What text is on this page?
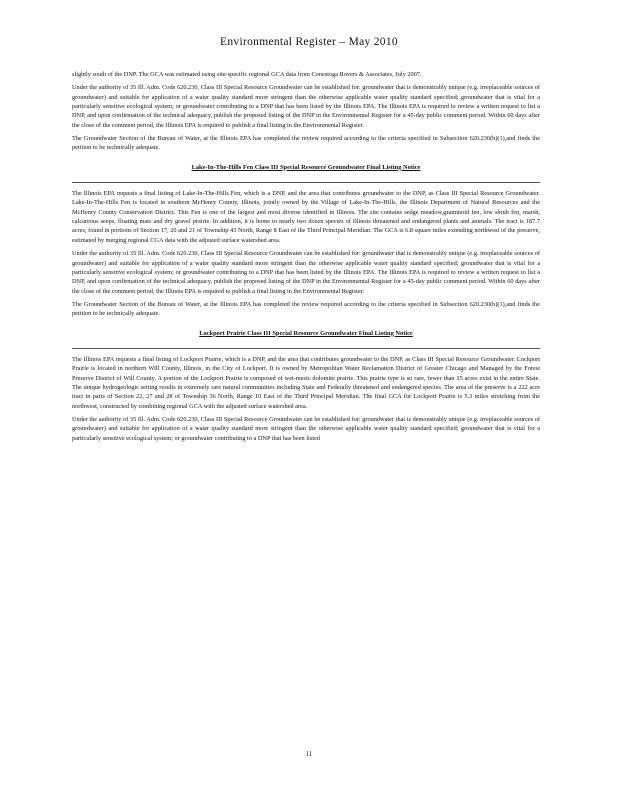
Environmental Register – May 2010

slightly south of the DNP. The GCA was estimated using site-specific regional GCA data from Conestoga Rovers & Associates, July 2007.

Under the authority of 35 Ill. Adm. Code 620.230, Class III Special Resource Groundwater can be established for: groundwater that is demonstrably unique (e.g. irreplaceable sources of groundwater) and suitable for application of a water quality standard more stringent than the otherwise applicable water quality standard specified; groundwater that is vital for a particularly sensitive ecological system; or groundwater contributing to a DNP that has been listed by the Illinois EPA. The Illinois EPA is required to review a written request to list a DNP, and upon confirmation of the technical adequacy, publish the proposed listing of the DNP in the Environmental Register for a 45-day public comment period. Within 60 days after the close of the comment period, the Illinois EPA is required to publish a final listing in the Environmental Register.

The Groundwater Section of the Bureau of Water, at the Illinois EPA has completed the review required according to the criteria specified in Subsection 620.230(b)(1),and finds the petition to be technically adequate.

Lake-In-The-Hills Fen Class III Special Resource Groundwater Final Listing Notice

The Illinois EPA requests a final listing of Lake-In-The-Hills Fen, which is a DNP, and the area that contributes groundwater to the DNP, as Class III Special Resource Groundwater. Lake-In-The-Hills Fen is located in southern McHenry County, Illinois, jointly owned by the Village of Lake-In-The-Hills, the Illinois Department of Natural Resources and the McHenry County Conservation District. This Fen is one of the largest and most diverse identified in Illinois. The site contains sedge meadow,graminoid fen, low shrub fen, marsh, calcareous seeps, floating mats and dry gravel prairie. In addition, it is home to nearly two dozen species of Illinois threatened and endangered plants and animals. The tract is 187.7 acres, found in portions of Section 17, 20 and 21 of Township 43 North, Range 8 East of the Third Principal Meridian. The GCA is 6.8 square miles extending northwest of the preserve, estimated by merging regional CGA data with the adjusted surface watershed area.

Under the authority of 35 Ill. Adm. Code 620.230, Class III Special Resource Groundwater can be established for: groundwater that is demonstrably unique (e.g. irreplaceable sources of groundwater) and suitable for application of a water quality standard more stringent than the otherwise applicable water quality standard specified; groundwater that is vital for a particularly sensitive ecological system; or groundwater contributing to a DNP that has been listed by the Illinois EPA. The Illinois EPA is required to review a written request to list a DNP, and upon confirmation of the technical adequacy, publish the proposed listing of the DNP in the Environmental Register for a 45-day public comment period. Within 60 days after the close of the comment period, the Illinois EPA is required to publish a final listing in the Environmental Register.

The Groundwater Section of the Bureau of Water, at the Illinois EPA has completed the review required according to the criteria specified in Subsection 620.230(b)(1),and finds the petition to be technically adequate.

Lockport Prairie Class III Special Resource Groundwater Final Listing Notice

The Illinois EPA requests a final listing of Lockport Prairie, which is a DNP, and the area that contributes groundwater to the DNP, as Class III Special Resource Groundwater. Lockport Prairie is located in northern Will County, Illinois, in the City of Lockport. It is owned by Metropolitan Water Reclamation District of Greater Chicago and Managed by the Forest Preserve District of Will County. A portion of the Lockport Prairie is composed of wet-mesic dolomite prairie. This prairie type is so rare, fewer than 35 acres exist in the entire State. The unique hydrogeologic setting results in extremely rare natural communities including State and Federally threatened and endangered species. The area of the preserve is a 222 acre tract in parts of Section 22, 27 and 28 of Township 36 North, Range 10 East of the Third Principal Meridian. The final GCA for Lockport Prairie is 5.3 miles stretching from the northwest, constructed by combining regional GCA with the adjusted surface watershed area.

Under the authority of 35 Ill. Adm. Code 620.230, Class III Special Resource Groundwater can be established for: groundwater that is demonstrably unique (e.g. irreplaceable sources of groundwater) and suitable for application of a water quality standard more stringent than the otherwise applicable water quality standard specified; groundwater that is vital for a particularly sensitive ecological system; or groundwater contributing to a DNP that has been listed

11
